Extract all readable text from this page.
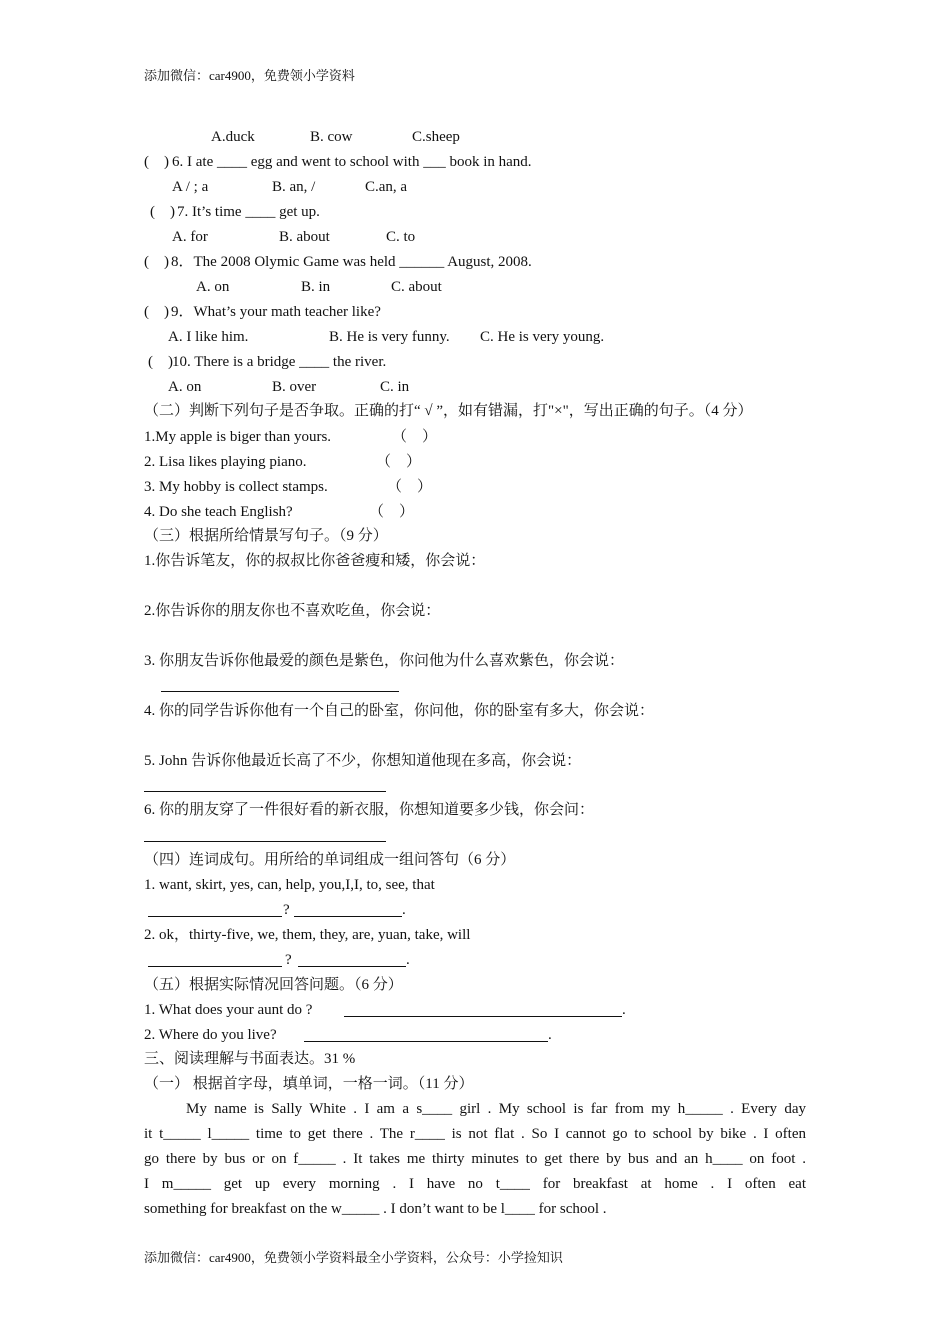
添加微信：car4900，免费领小学资料
A.duck	B. cow	C.sheep
(    ) 6. I ate ____ egg and went to school with ___ book in hand.
A / ; a	B. an, /	C.an, a
(    ) 7. It’s time ____ get up.
A. for	B. about	C. to
(    ) 8．The 2008 Olymic Game was held ______ August, 2008.
A. on	B. in	C. about
(    ) 9．What’s your math teacher like?
A. I like him.	B. He is very funny. C. He is very young.
(    ) 10. There is a bridge ____ the river.
A. on	B. over	C. in
（二）判断下列句子是否争取。正确的打“ √ ”，如有错漏，打"×"，写出正确的句子。（4 分）
1.My apple is biger than yours.	（    ）
2. Lisa likes playing piano.	（    ）
3. My hobby is collect stamps.	（    ）
4. Do she teach English?	（    ）
（三）根据所给情景写句子。（9 分）
1.你告诉笔友，你的叔叔比你爸爸瘦和矮，你会说：
2.你告诉你的朋友你也不喜欢吃鱼，你会说：
3. 你朋友告诉你他最爱的颜色是紫色，你问他为什么喜欢紫色，你会说：
4. 你的同学告诉你他有一个自己的卧室，你问他，你的卧室有多大，你会说：
5. John 告诉你他最近长高了不少，你想知道他现在多高，你会说：
6. 你的朋友穿了一件很好看的新衣服，你想知道要多少钱，你会问：
（四）连词成句。用所给的单词组成一组问答句（6 分）
1. want, skirt, yes, can, help, you,I,I, to, see, that
?	.
2. ok，thirty-five, we, them, they, are, yuan, take, will
?	.
（五）根据实际情况回答问题。（6 分）
1. What does your aunt do ?	.
2. Where do you live?	.
三、阅读理解与书面表达。31 %
（一） 根据首字母，填单词，一格一词。（11 分）
My name is Sally White . I am a s____ girl . My school is far from my h_____ . Every day
it t_____ l_____ time to get there . The r____ is not flat . So I cannot go to school by bike . I often
go there by bus or on f_____ . It takes me thirty minutes to get there by bus and an h____ on foot .
I m_____ get up every morning . I have no t____ for breakfast at home . I often eat
something for breakfast on the w_____ . I don’t want to be l____ for school .
添加微信：car4900，免费领小学资料最全小学资料，公众号：小学捡知识
